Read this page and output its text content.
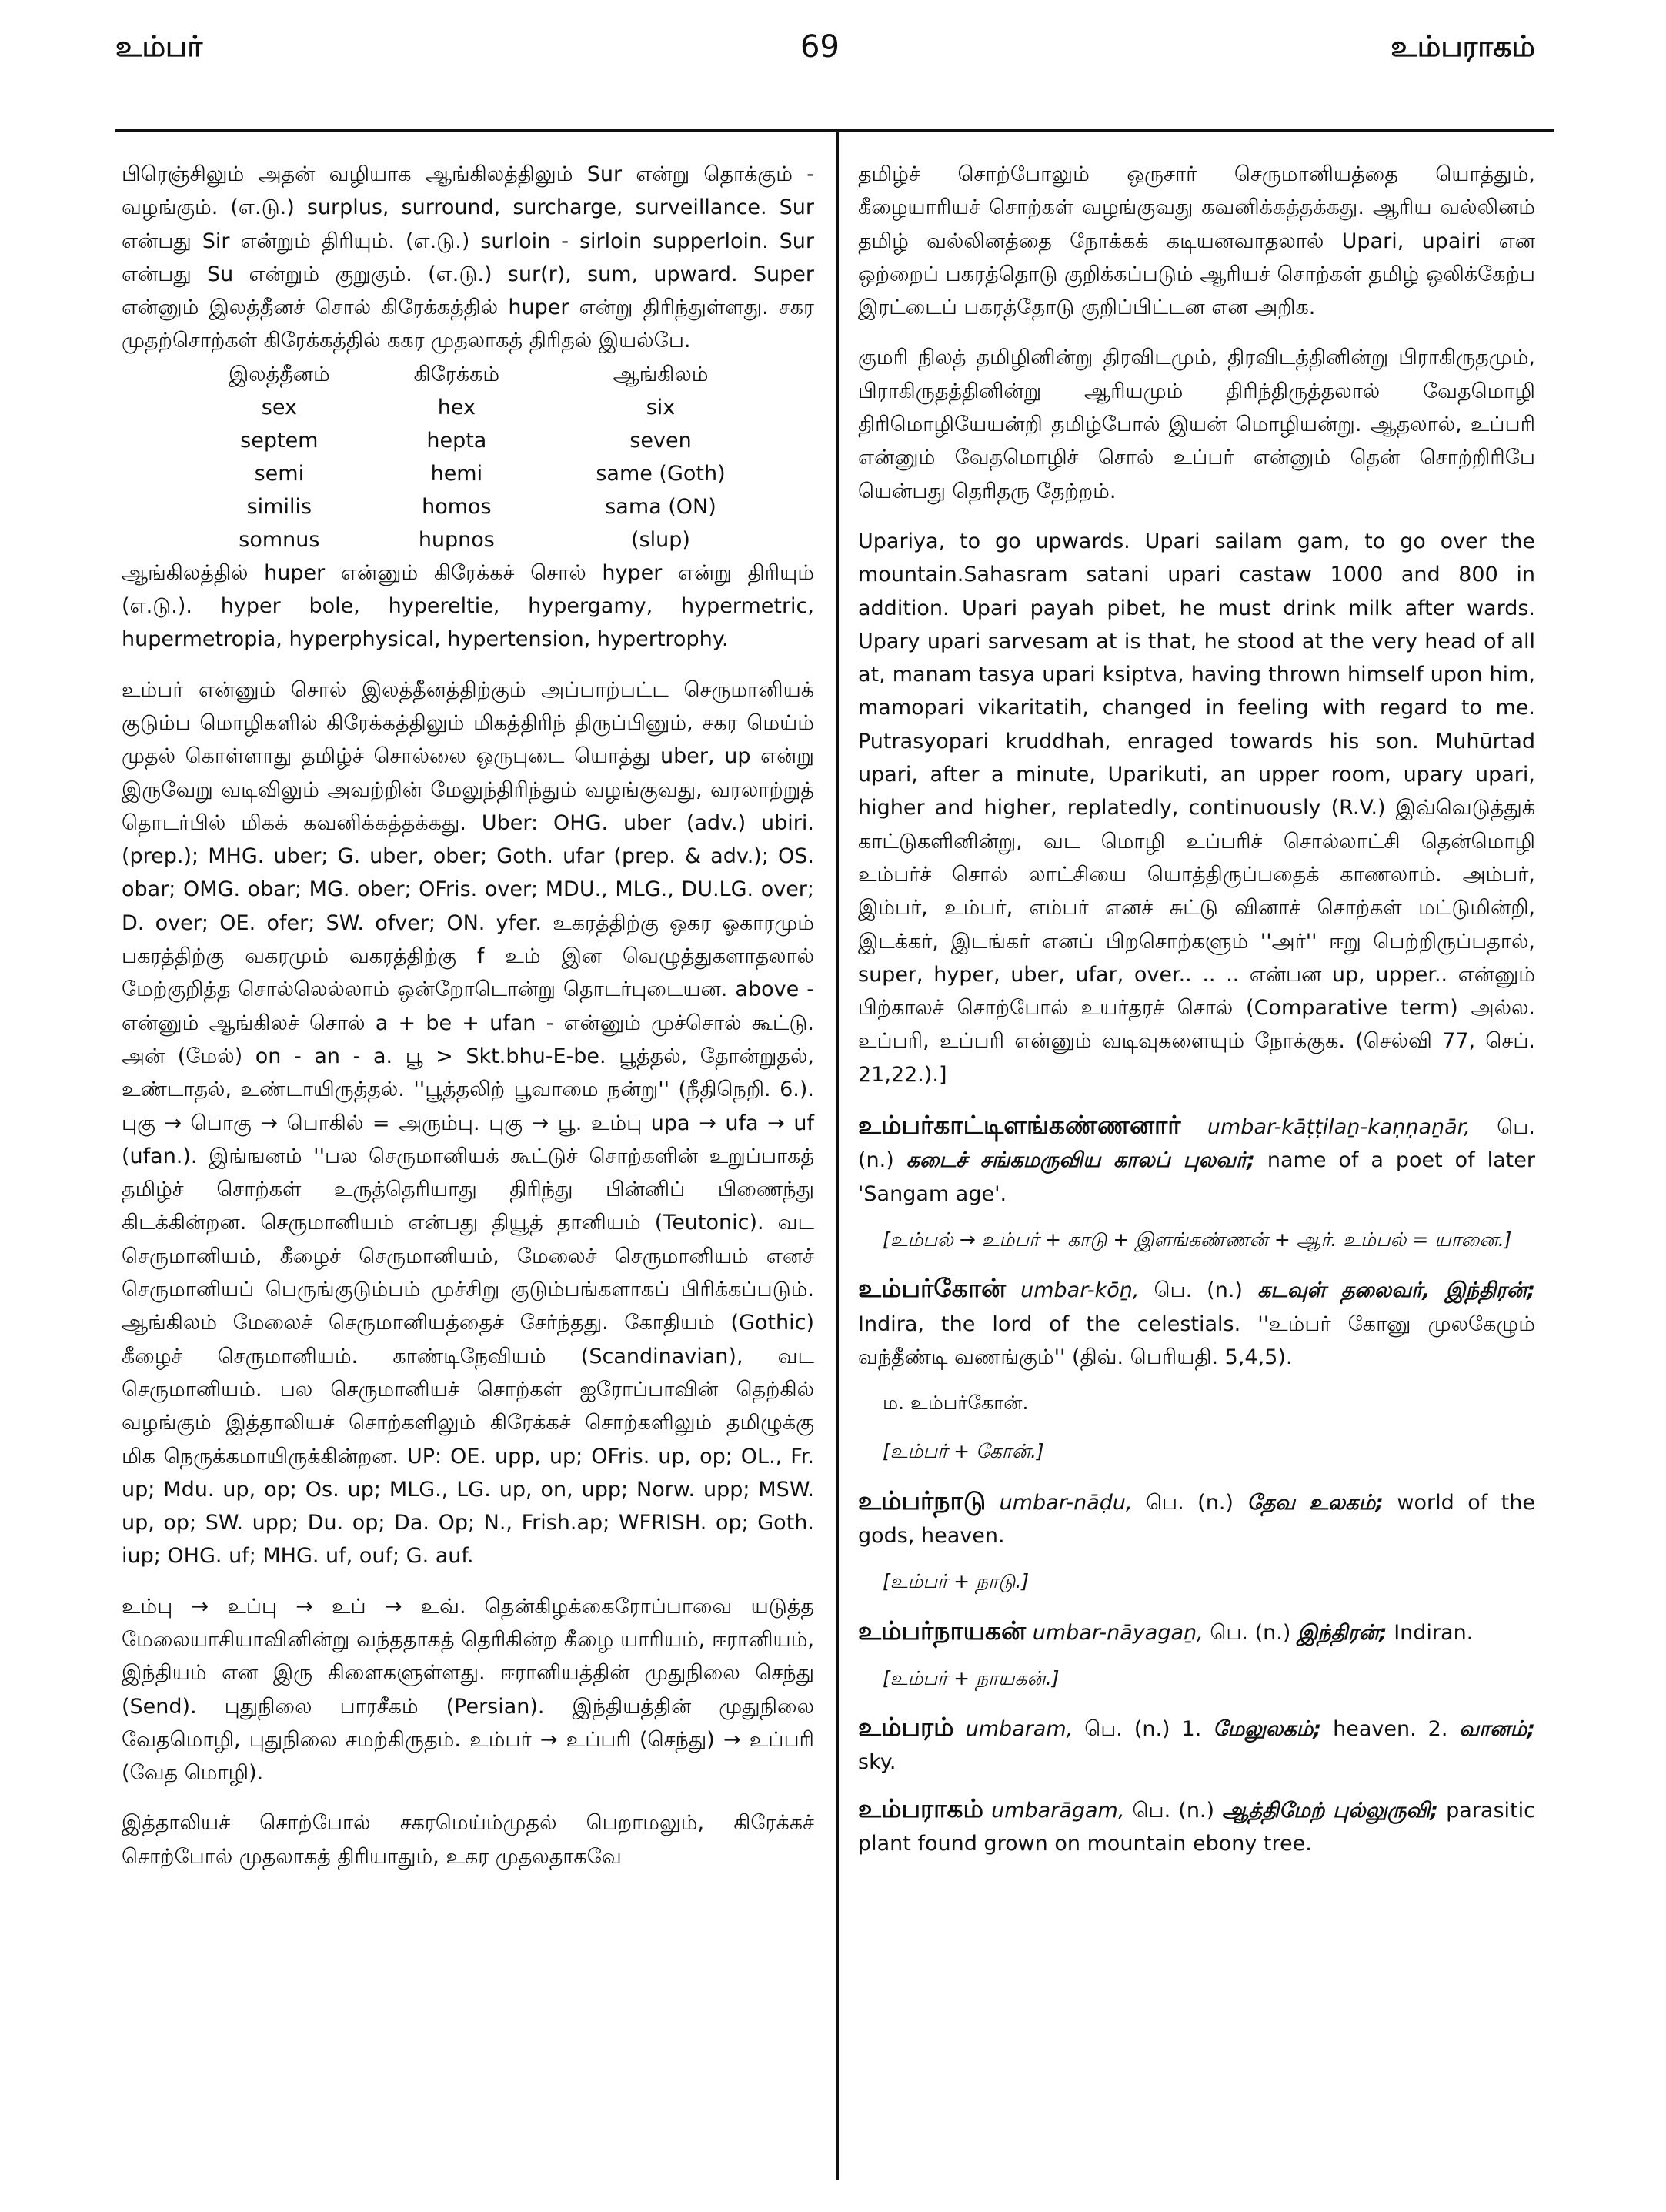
உம்பர்	69	உம்பராகம்

பிரெஞ்சிலும் அதன் வழியாக ஆங்கிலத்திலும் Sur என்று தொக்கும் - வழங்கும். (எ.டு.) surplus, surround, surcharge, surveillance. Sur என்பது Sir என்றும் திரியும். (எ.டு.) surloin - sirloin supperloin. Sur என்பது Su என்றும் குறுகும். (எ.டு.) sur(r), sum, upward. Super என்னும் இலத்தீனச் சொல் கிரேக்கத்தில் huper என்று திரிந்துள்ளது. சகர முதற்சொற்கள் கிரேக்கத்தில் ககர முதலாகத் திரிதல் இயல்பே.

இலத்தீனம்	கிரேக்கம்	ஆங்கிலம்
sex	hex	six
septem	hepta	seven
semi	hemi	same (Goth)
similis	homos	sama (ON)
somnus	hupnos	(slup)

ஆங்கிலத்தில் huper என்னும் கிரேக்கச் சொல் hyper என்று திரியும் (எ.டு.). hyper bole, hypereltie, hypergamy, hypermetric, hupermetropia, hyperphysical, hypertension, hypertrophy.

உம்பர் என்னும் சொல் இலத்தீனத்திற்கும் அப்பாற்பட்ட செருமானியக் குடும்ப மொழிகளில் கிரேக்கத்திலும் மிகத்திரிந் திருப்பினும், சகர மெய்ம் முதல் கொள்ளாது தமிழ்ச் சொல்லை ஒருபுடை யொத்து uber, up என்று இருவேறு வடிவிலும் அவற்றின் மேலுந்திரிந்தும் வழங்குவது, வரலாற்றுத் தொடர்பில் மிகக் கவனிக்கத்தக்கது. Uber: OHG. uber (adv.) ubiri. (prep.); MHG. uber; G. uber, ober; Goth. ufar (prep. & adv.); OS. obar; OMG. obar; MG. ober; OFris. over; MDU., MLG., DU.LG. over; D. over; OE. ofer; SW. ofver; ON. yfer. உகரத்திற்கு ஒகர ஓகாரமும் பகரத்திற்கு வகரமும் வகரத்திற்கு f உம் இன வெழுத்துகளாதலால் மேற்குறித்த சொல்லெல்லாம் ஒன்றோடொன்று தொடர்புடையன. above - என்னும் ஆங்கிலச் சொல் a + be + ufan - என்னும் முச்சொல் கூட்டு. அன் (மேல்) on - an - a. பூ > Skt.bhu-E-be. பூத்தல், தோன்றுதல், உண்டாதல், உண்டாயிருத்தல். ''பூத்தலிற் பூவாமை நன்று'' (நீதிநெறி. 6.). புகு → பொகு → பொகில் = அரும்பு. புகு → பூ. உம்பு upa → ufa → uf (ufan.). இங்ஙனம் ''பல செருமானியக் கூட்டுச் சொற்களின் உறுப்பாகத் தமிழ்ச் சொற்கள் உருத்தெரியாது திரிந்து பின்னிப் பிணைந்து கிடக்கின்றன. செருமானியம் என்பது தியூத் தானியம் (Teutonic). வட செருமானியம், கீழைச் செருமானியம், மேலைச் செருமானியம் எனச் செருமானியப் பெருங்குடும்பம் முச்சிறு குடும்பங்களாகப் பிரிக்கப்படும். ஆங்கிலம் மேலைச் செருமானியத்தைச் சேர்ந்தது. கோதியம் (Gothic) கீழைச் செருமானியம். காண்டிநேவியம் (Scandinavian), வட செருமானியம். பல செருமானியச் சொற்கள் ஐரோப்பாவின் தெற்கில் வழங்கும் இத்தாலியச் சொற்களிலும் கிரேக்கச் சொற்களிலும் தமிழுக்கு மிக நெருக்கமாயிருக்கின்றன. UP: OE. upp, up; OFris. up, op; OL., Fr. up; Mdu. up, op; Os. up; MLG., LG. up, on, upp; Norw. upp; MSW. up, op; SW. upp; Du. op; Da. Op; N., Frish.ap; WFRISH. op; Goth. iup; OHG. uf; MHG. uf, ouf; G. auf.

உம்பு → உப்பு → உப் → உவ். தென்கிழக்கைரோப்பாவை யடுத்த மேலையாசியாவினின்று வந்ததாகத் தெரிகின்ற கீழை யாரியம், ஈரானியம், இந்தியம் என இரு கிளைகளுள்ளது. ஈரானியத்தின் முதுநிலை செந்து (Send). புதுநிலை பாரசீகம் (Persian). இந்தியத்தின் முதுநிலை வேதமொழி, புதுநிலை சமற்கிருதம். உம்பர் → உப்பரி (செந்து) → உப்பரி (வேத மொழி).

இத்தாலியச் சொற்போல் சகரமெய்ம்முதல் பெறாமலும், கிரேக்கச் சொற்போல் முதலாகத் திரியாதும், உகர முதலதாகவே

தமிழ்ச் சொற்போலும் ஒருசார் செருமானியத்தை யொத்தும், கீழையாரியச் சொற்கள் வழங்குவது கவனிக்கத்தக்கது. ஆரிய வல்லினம் தமிழ் வல்லினத்தை நோக்கக் கடியனவாதலால் Upari, upairi என ஒற்றைப் பகரத்தொடு குறிக்கப்படும் ஆரியச் சொற்கள் தமிழ் ஒலிக்கேற்ப இரட்டைப் பகரத்தோடு குறிப்பிட்டன என அறிக.

குமரி நிலத் தமிழினின்று திரவிடமும், திரவிடத்தினின்று பிராகிருதமும், பிராகிருதத்தினின்று ஆரியமும் திரிந்திருத்தலால் வேதமொழி திரிமொழியேயன்றி தமிழ்போல் இயன் மொழியன்று. ஆதலால், உப்பரி என்னும் வேதமொழிச் சொல் உப்பர் என்னும் தென் சொற்றிரிபே யென்பது தெரிதரு தேற்றம்.

Upariya, to go upwards. Upari sailam gam, to go over the mountain.Sahasram satani upari castaw 1000 and 800 in addition. Upari payah pibet, he must drink milk after wards. Upary upari sarvesam at is that, he stood at the very head of all at, manam tasya upari ksiptva, having thrown himself upon him, mamopari vikaritatih, changed in feeling with regard to me. Putrasyopari kruddhah, enraged towards his son. Muhūrtad upari, after a minute, Uparikuti, an upper room, upary upari, higher and higher, replatedly, continuously (R.V.) இவ்வெடுத்துக் காட்டுகளினின்று, வட மொழி உப்பரிச் சொல்லாட்சி தென்மொழி உம்பர்ச் சொல் லாட்சியை யொத்திருப்பதைக் காணலாம். அம்பர், இம்பர், உம்பர், எம்பர் எனச் சுட்டு வினாச் சொற்கள் மட்டுமின்றி, இடக்கர், இடங்கர் எனப் பிறசொற்களும் ''அர்'' ஈறு பெற்றிருப்பதால், super, hyper, uber, ufar, over.. .. .. என்பன up, upper.. என்னும் பிற்காலச் சொற்போல் உயர்தரச் சொல் (Comparative term) அல்ல. உப்பரி, உப்பரி என்னும் வடிவுகளையும் நோக்குக. (செல்வி 77, செப். 21,22.).]

உம்பர்காட்டிளங்கண்ணனார் umbar-kāṭṭilaṉ-kaṇṇaṉār, பெ. (n.) கடைச் சங்கமருவிய காலப் புலவர்; name of a poet of later 'Sangam age'.
[உம்பல் → உம்பர் + காடு + இளங்கண்ணன் + ஆர். உம்பல் = யானை.]
உம்பர்கோன் umbar-kōṉ, பெ. (n.) கடவுள் தலைவர், இந்திரன்; Indira, the lord of the celestials. ''உம்பர் கோனு முலகேழும் வந்தீண்டி வணங்கும்'' (திவ். பெரியதி. 5,4,5).
ம. உம்பர்கோன்.
[உம்பர் + கோன்.]
உம்பர்நாடு umbar-nāḍu, பெ. (n.) தேவ உலகம்; world of the gods, heaven.
[உம்பர் + நாடு.]
உம்பர்நாயகன் umbar-nāyagaṉ, பெ. (n.) இந்திரன்; Indiran.
[உம்பர் + நாயகன்.]
உம்பரம் umbaram, பெ. (n.) 1. மேலுலகம்; heaven. 2. வானம்; sky.
உம்பராகம் umbarāgam, பெ. (n.) ஆத்திமேற் புல்லுருவி; parasitic plant found grown on mountain ebony tree.
